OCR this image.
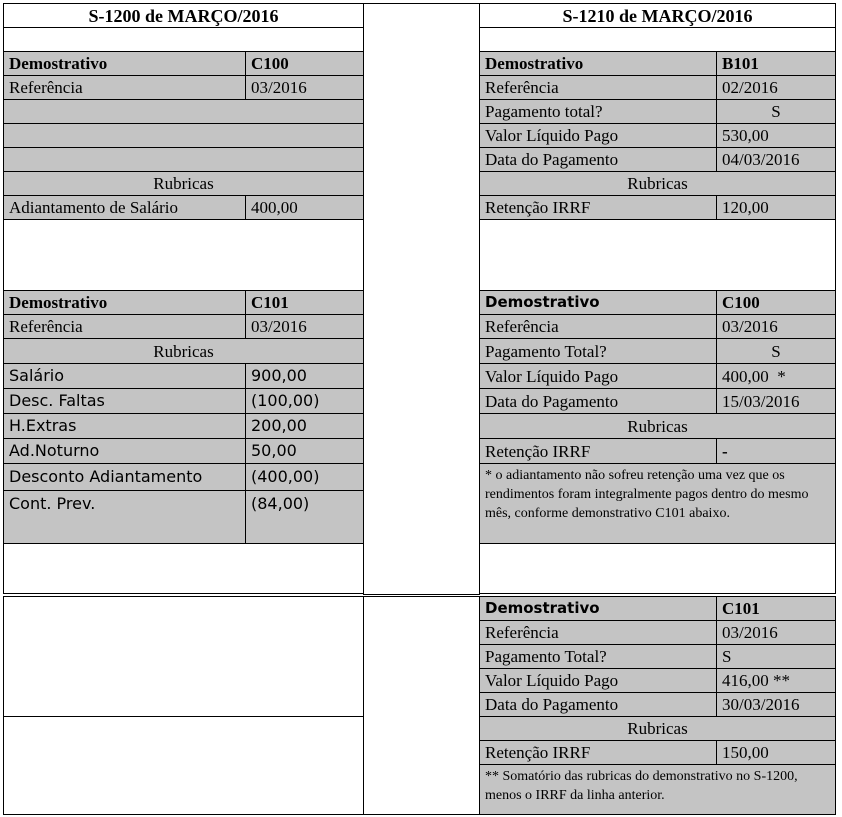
S-1200 de MARÇO/2016
Demostrativo	C100
Referência	03/2016
Rubricas
Adiantamento de Salário	400,00
Demostrativo	C101
Referência	03/2016
Rubricas
Salário	900,00
Desc. Faltas	(100,00)
H.Extras	200,00
Ad.Noturno	50,00
Desconto Adiantamento	(400,00)
Cont. Prev.	(84,00)
S-1210 de MARÇO/2016
Demostrativo	B101
Referência	02/2016
Pagamento total?	S
Valor Líquido Pago	530,00
Data do Pagamento	04/03/2016
Rubricas
Retenção IRRF	120,00
Demostrativo	C100
Referência	03/2016
Pagamento Total?	S
Valor Líquido Pago	400,00  *
Data do Pagamento	15/03/2016
Rubricas
Retenção IRRF	-
* o adiantamento não sofreu retenção uma vez que os rendimentos foram integralmente pagos dentro do mesmo mês, conforme demonstrativo C101 abaixo.
Demostrativo	C101
Referência	03/2016
Pagamento Total?	S
Valor Líquido Pago	416,00 **
Data do Pagamento	30/03/2016
Rubricas
Retenção IRRF	150,00
** Somatório das rubricas do demonstrativo no S-1200, menos o IRRF da linha anterior.
